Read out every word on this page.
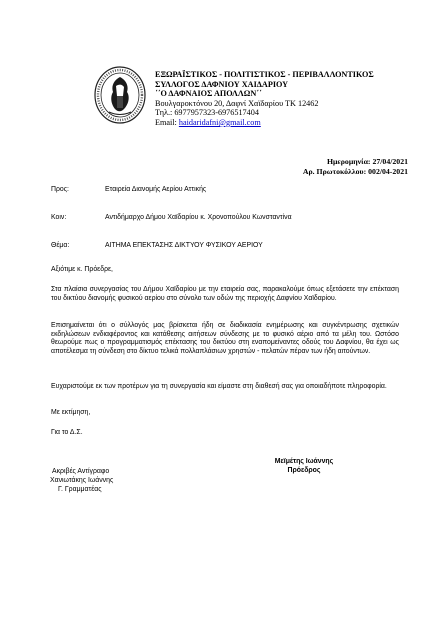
ΕΞΩΡΑΪΣΤΙΚΟΣ - ΠΟΛΙΤΙΣΤΙΚΟΣ - ΠΕΡΙΒΑΛΛΟΝΤΙΚΟΣ
ΣΥΛΛΟΓΟΣ ΔΑΦΝΙΟΥ ΧΑΙΔΑΡΙΟΥ
΄΄Ο ΔΑΦΝΑΙΟΣ ΑΠΟΛΛΩΝ΄΄
Βουλγαροκτόνου 20, Δαφνί Χαϊδαρίου ΤΚ 12462
Τηλ.: 6977957323-6976517404
Email: haidaridafni@gmail.com
Ημερομηνία: 27/04/2021
Αρ. Πρωτοκόλλου: 002/04-2021
Προς:	Εταιρεία Διανομής Αερίου Αττικής
Κοιν:	Αντιδήμαρχο Δήμου Χαϊδαρίου κ. Χρονοπούλου Κωνσταντίνα
Θέμα:	ΑΙΤΗΜΑ ΕΠΕΚΤΑΣΗΣ ΔΙΚΤΥΟΥ ΦΥΣΙΚΟΥ ΑΕΡΙΟΥ
Αξιότιμε κ. Πρόεδρε,
Στα πλαίσια συνεργασίας του Δήμου Χαϊδαρίου με την εταιρεία σας, παρακαλούμε όπως εξετάσετε την επέκταση του δικτύου διανομής φυσικού αερίου στο σύνολο των οδών της περιοχής Δαφνίου Χαϊδαρίου.
Επισημαίνεται ότι ο σύλλογός μας βρίσκεται ήδη σε διαδικασία ενημέρωσης και συγκέντρωσης σχετικών εκδηλώσεων ενδιαφέροντος και κατάθεσης αιτήσεων σύνδεσης με το φυσικό αέριο από τα μέλη του. Ωστόσο θεωρούμε πως ο προγραμματισμός επέκτασης του δικτύου στη εναπομείναντες οδούς του Δαφνίου, θα έχει ως αποτέλεσμα τη σύνδεση στο δίκτυο τελικά πολλαπλάσιων χρηστών - πελατών πέραν των ήδη αιτούντων.
Ευχαριστούμε εκ των προτέρων για τη συνεργασία και είμαστε στη διαθεσή σας για οποιαδήποτε πληροφορία.
Με εκτίμηση,
Για το Δ.Σ.
Μεϊμέτης Ιωάννης
Πρόεδρος
Ακριβές Αντίγραφο
Χανιωτάκης Ιωάννης
Γ. Γραμματέας
